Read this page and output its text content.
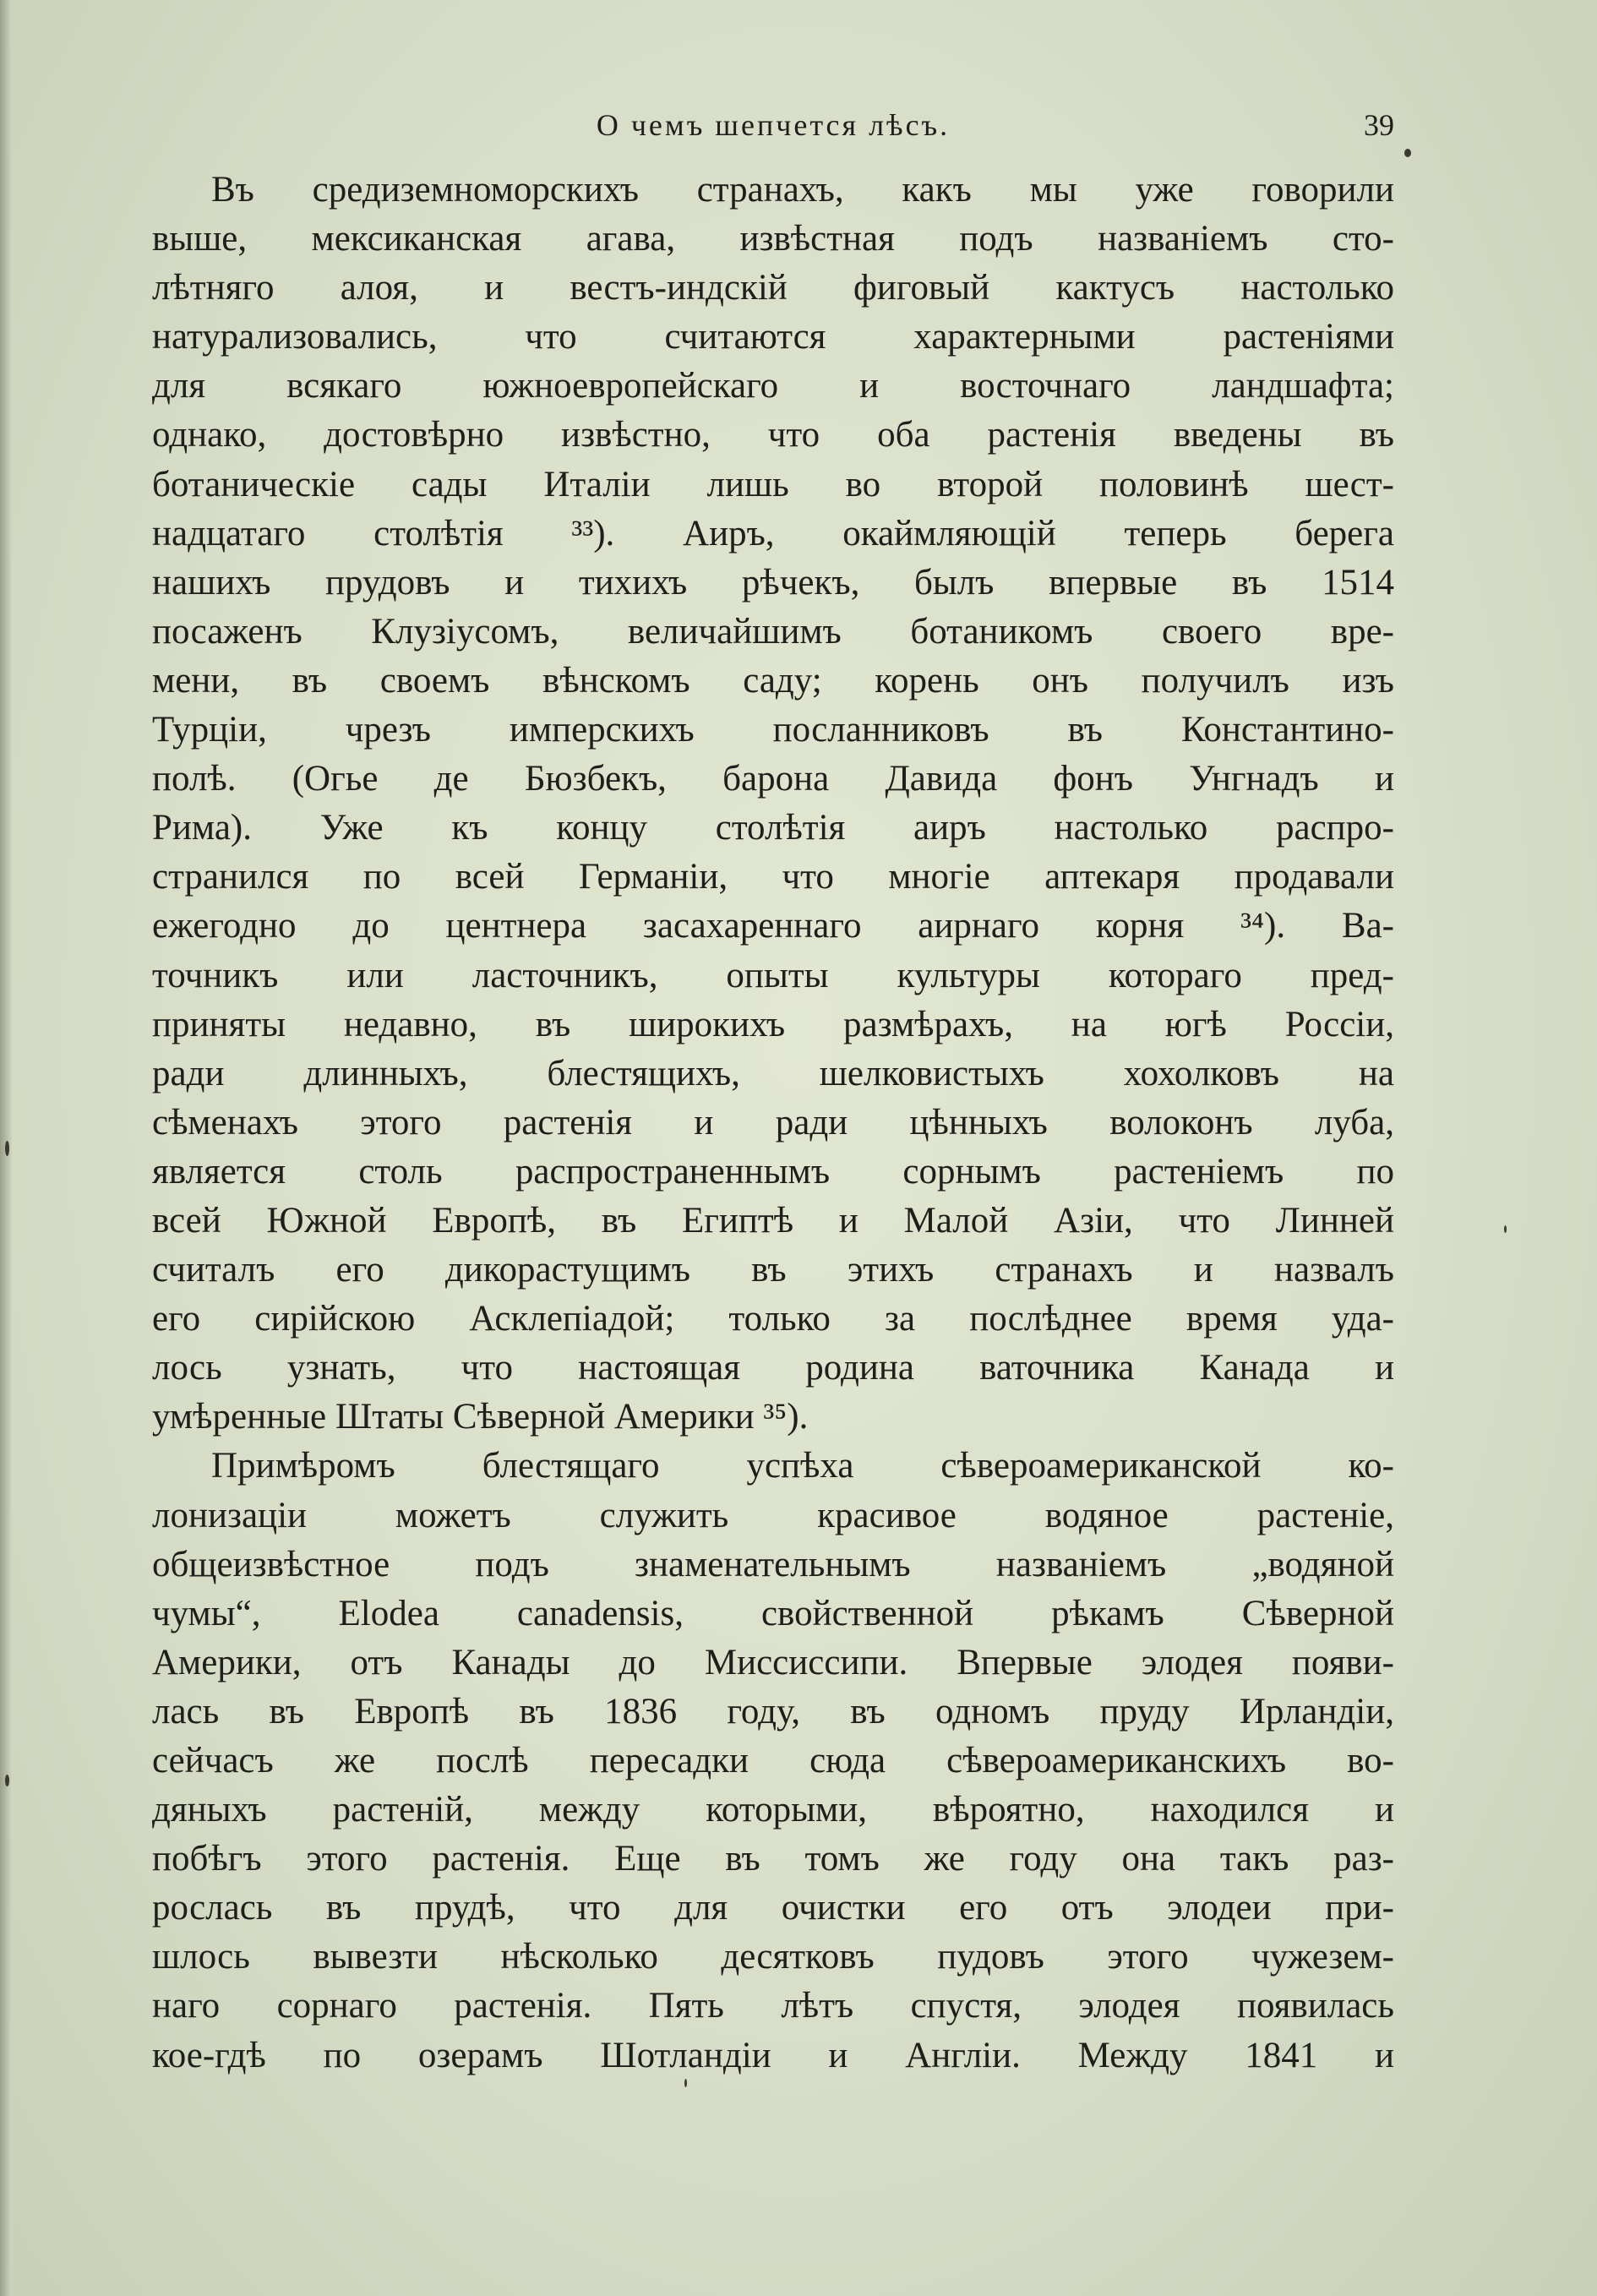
О чемъ шепчется лѣсъ.	39
Въ средиземноморскихъ странахъ, какъ мы уже говорили
выше, мексиканская агава, извѣстная подъ названіемъ сто-
лѣтняго алоя, и вестъ-индскій фиговый кактусъ настолько
натурализовались, что считаются характерными растеніями
для всякаго южноевропейскаго и восточнаго ландшафта;
однако, достовѣрно извѣстно, что оба растенія введены въ
ботаническіе сады Италіи лишь во второй половинѣ шест-
надцатаго столѣтія ³³). Аиръ, окаймляющій теперь берега
нашихъ прудовъ и тихихъ рѣчекъ, былъ впервые въ 1514
посаженъ Клузіусомъ, величайшимъ ботаникомъ своего вре-
мени, въ своемъ вѣнскомъ саду; корень онъ получилъ изъ
Турціи, чрезъ имперскихъ посланниковъ въ Константино-
полѣ. (Огье де Бюзбекъ, барона Давида фонъ Унгнадъ и
Рима). Уже къ концу столѣтія аиръ настолько распро-
странился по всей Германіи, что многіе аптекаря продавали
ежегодно до центнера засахареннаго аирнаго корня ³⁴). Ва-
точникъ или ласточникъ, опыты культуры котораго пред-
приняты недавно, въ широкихъ размѣрахъ, на югѣ Россіи,
ради длинныхъ, блестящихъ, шелковистыхъ хохолковъ на
сѣменахъ этого растенія и ради цѣнныхъ волоконъ луба,
является столь распространеннымъ сорнымъ растеніемъ по
всей Южной Европѣ, въ Египтѣ и Малой Азіи, что Линней
считалъ его дикорастущимъ въ этихъ странахъ и назвалъ
его сирійскою Асклепіадой; только за послѣднее время уда-
лось узнать, что настоящая родина ваточника Канада и
умѣренные Штаты Сѣверной Америки ³⁵).
Примѣромъ блестящаго успѣха сѣвероамериканской ко-
лонизаціи можетъ служить красивое водяное растеніе,
общеизвѣстное подъ знаменательнымъ названіемъ „водяной
чумы“, Elodea canadensis, свойственной рѣкамъ Сѣверной
Америки, отъ Канады до Миссиссипи. Впервые элодея появи-
лась въ Европѣ въ 1836 году, въ одномъ пруду Ирландіи,
сейчасъ же послѣ пересадки сюда сѣвероамериканскихъ во-
дяныхъ растеній, между которыми, вѣроятно, находился и
побѣгъ этого растенія. Еще въ томъ же году она такъ раз-
рослась въ прудѣ, что для очистки его отъ элодеи при-
шлось вывезти нѣсколько десятковъ пудовъ этого чужезем-
наго сорнаго растенія. Пять лѣтъ спустя, элодея появилась
кое-гдѣ по озерамъ Шотландіи и Англіи. Между 1841 и
